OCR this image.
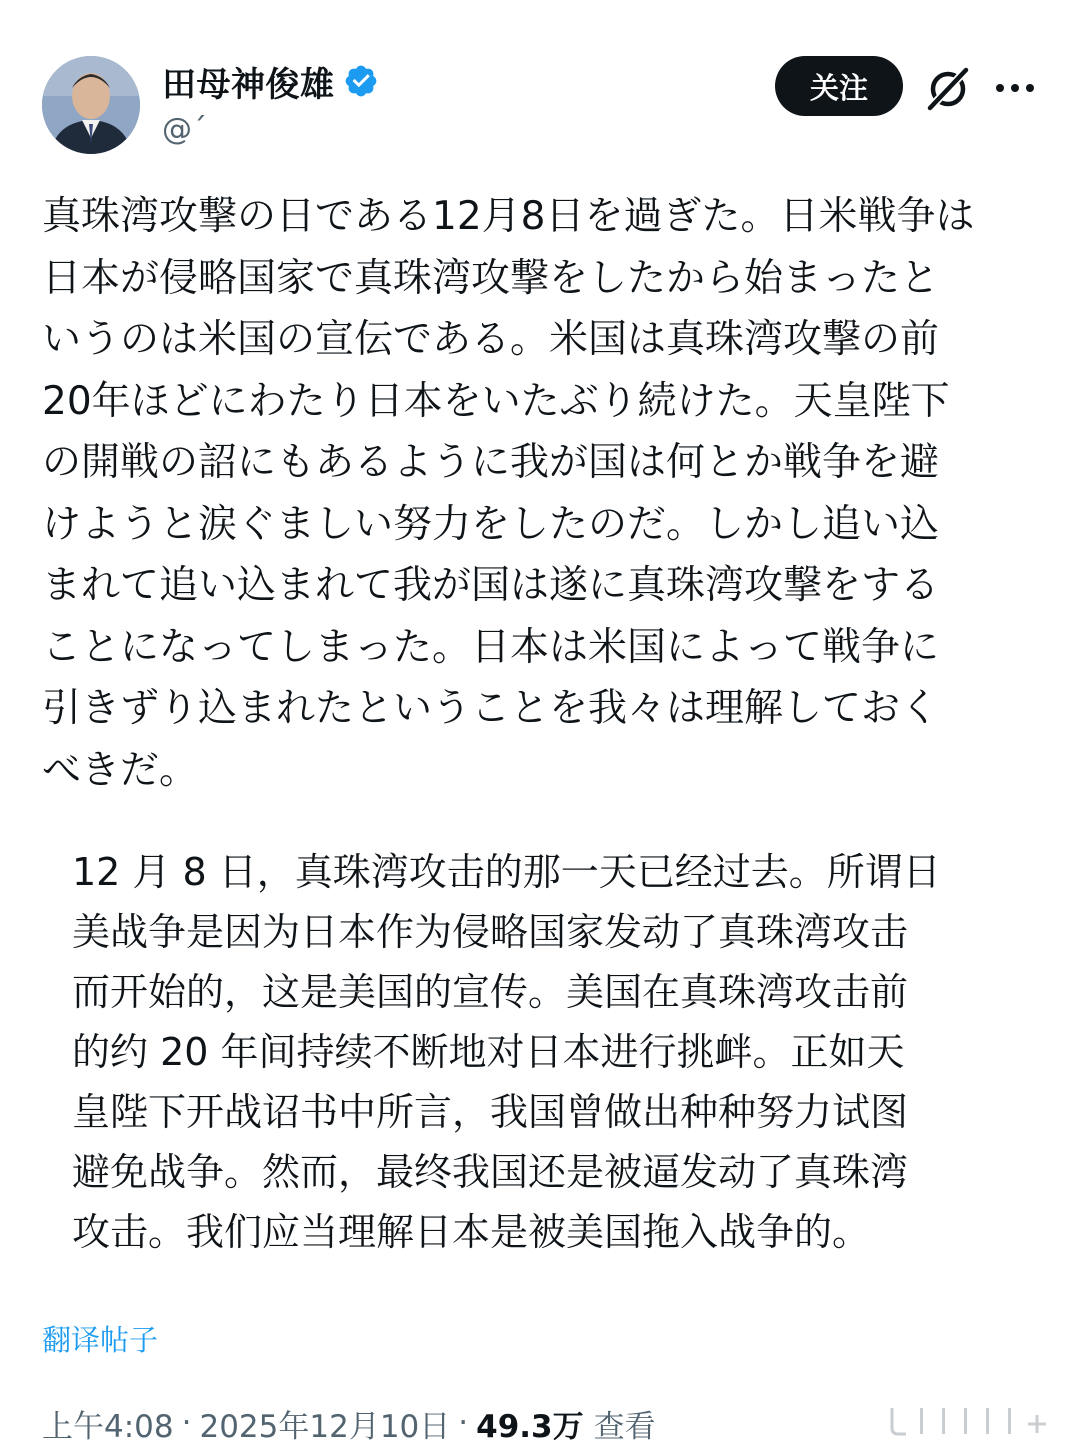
田母神俊雄
@ˊ
关注
真珠湾攻撃の日である12月8日を過ぎた。日米戦争は
日本が侵略国家で真珠湾攻撃をしたから始まったと
いうのは米国の宣伝である。米国は真珠湾攻撃の前
20年ほどにわたり日本をいたぶり続けた。天皇陛下
の開戦の詔にもあるように我が国は何とか戦争を避
けようと涙ぐましい努力をしたのだ。しかし追い込
まれて追い込まれて我が国は遂に真珠湾攻撃をする
ことになってしまった。日本は米国によって戦争に
引きずり込まれたということを我々は理解しておく
べきだ。
12 月 8 日，真珠湾攻击的那一天已经过去。所谓日
美战争是因为日本作为侵略国家发动了真珠湾攻击
而开始的，这是美国的宣传。美国在真珠湾攻击前
的约 20 年间持续不断地对日本进行挑衅。正如天
皇陛下开战诏书中所言，我国曾做出种种努力试图
避免战争。然而，最终我国还是被逼发动了真珠湾
攻击。我们应当理解日本是被美国拖入战争的。
翻译帖子
上午4:08 · 2025年12月10日 · 49.3万 查看
